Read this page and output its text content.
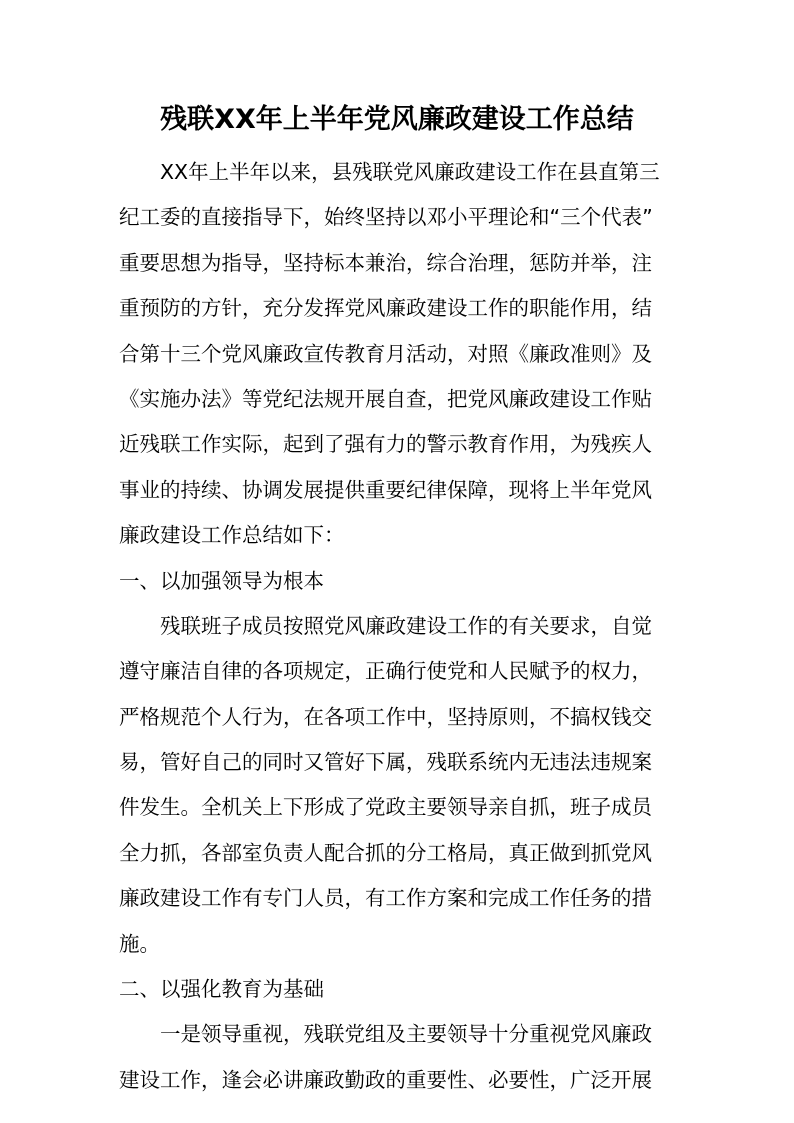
残联XX年上半年党风廉政建设工作总结
XX年上半年以来，县残联党风廉政建设工作在县直第三
纪工委的直接指导下，始终坚持以邓小平理论和“三个代表”
重要思想为指导，坚持标本兼治，综合治理，惩防并举，注
重预防的方针，充分发挥党风廉政建设工作的职能作用，结
合第十三个党风廉政宣传教育月活动，对照《廉政准则》及
《实施办法》等党纪法规开展自查，把党风廉政建设工作贴
近残联工作实际，起到了强有力的警示教育作用，为残疾人
事业的持续、协调发展提供重要纪律保障，现将上半年党风
廉政建设工作总结如下：
一、以加强领导为根本
残联班子成员按照党风廉政建设工作的有关要求，自觉
遵守廉洁自律的各项规定，正确行使党和人民赋予的权力，
严格规范个人行为，在各项工作中，坚持原则，不搞权钱交
易，管好自己的同时又管好下属，残联系统内无违法违规案
件发生。全机关上下形成了党政主要领导亲自抓，班子成员
全力抓，各部室负责人配合抓的分工格局，真正做到抓党风
廉政建设工作有专门人员，有工作方案和完成工作任务的措
施。
二、以强化教育为基础
一是领导重视，残联党组及主要领导十分重视党风廉政
建设工作，逢会必讲廉政勤政的重要性、必要性，广泛开展
